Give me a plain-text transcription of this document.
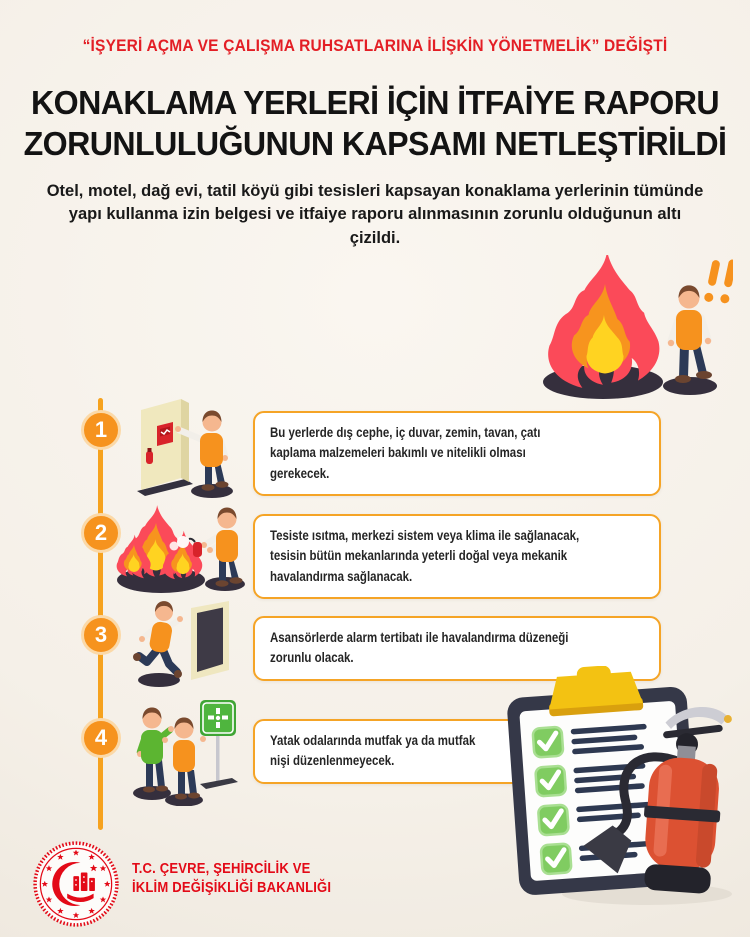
“İŞYERİ AÇMA VE ÇALIŞMA RUHSATLARINA İLİŞKİN YÖNETMELİK” DEĞİŞTİ
KONAKLAMA YERLERİ İÇİN İTFAİYE RAPORU
ZORUNLULUĞUNUN KAPSAMI NETLEŞTİRİLDİ

Otel, motel, dağ evi, tatil köyü gibi tesisleri kapsayan konaklama yerlerinin tümünde yapı kullanma izin belgesi ve itfaiye raporu alınmasının zorunlu olduğunun altı çizildi.

1
2
3
4
Bu yerlerde dış cephe, iç duvar, zemin, tavan, çatı kaplama malzemeleri bakımlı ve nitelikli olması gerekecek.
Tesiste ısıtma, merkezi sistem veya klima ile sağlanacak, tesisin bütün mekanlarında yeterli doğal veya mekanik havalandırma sağlanacak.
Asansörlerde alarm tertibatı ile havalandırma düzeneği zorunlu olacak.
Yatak odalarında mutfak ya da mutfak nişi düzenlenmeyecek.
T.C. ÇEVRE, ŞEHİRCİLİK VE
İKLİM DEĞİŞİKLİĞİ BAKANLIĞI
